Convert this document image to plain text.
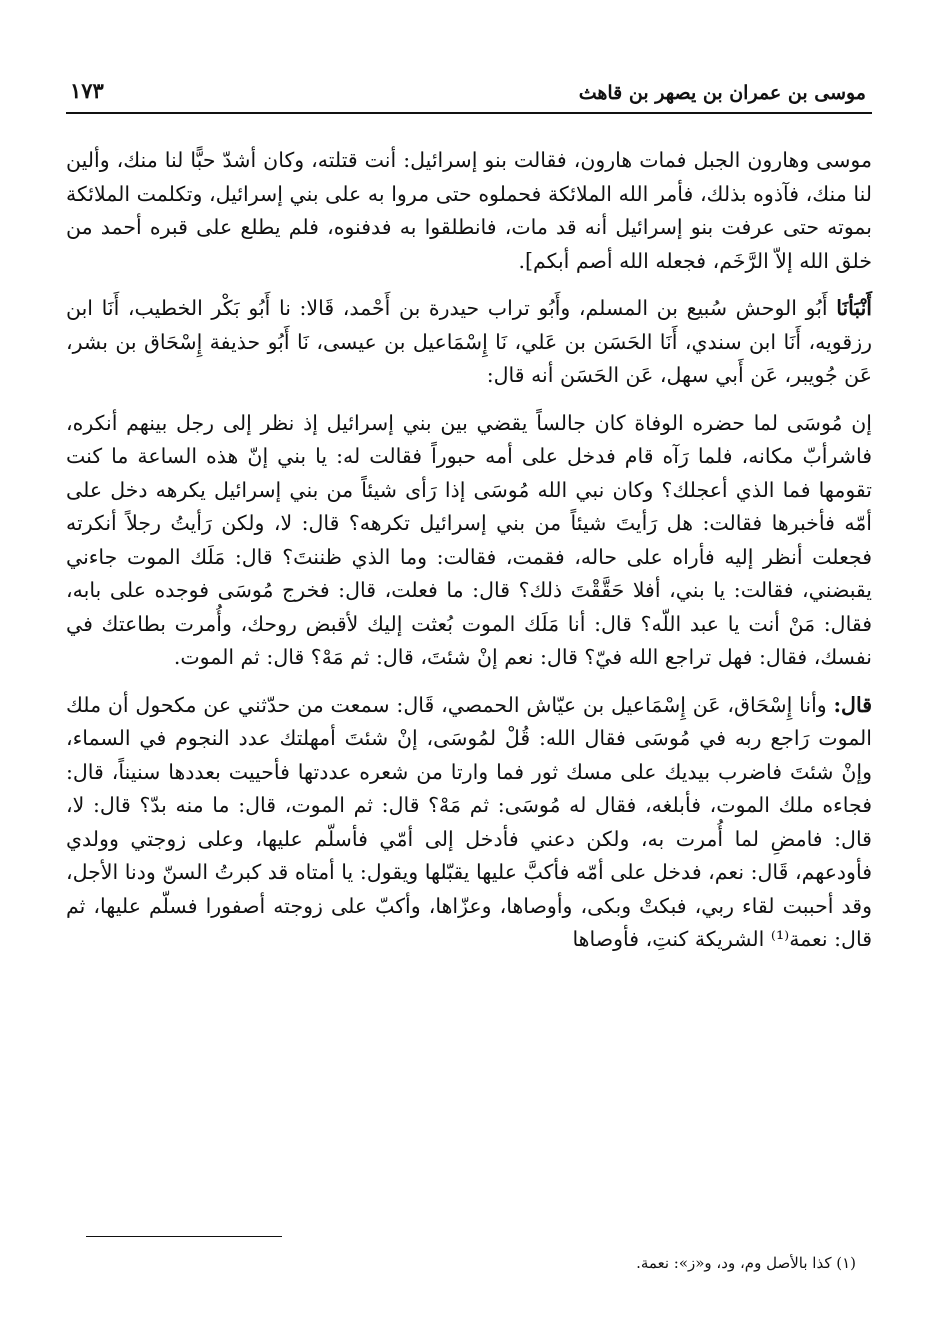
موسى بن عمران بن يصهر بن قاهث
١٧٣

موسى وهارون الجبل فمات هارون، فقالت بنو إسرائيل: أنت قتلته، وكان أشدّ حبًّا لنا منك، وألين لنا منك، فآذوه بذلك، فأمر الله الملائكة فحملوه حتى مروا به على بني إسرائيل، وتكلمت الملائكة بموته حتى عرفت بنو إسرائيل أنه قد مات، فانطلقوا به فدفنوه، فلم يطلع على قبره أحمد من خلق الله إلاّ الرَّخَم، فجعله الله أصم أبكم].

أَنْبَأنَا أَبُو الوحش سُبيع بن المسلم، وأَبُو تراب حيدرة بن أَحْمد، قَالا: نا أَبُو بَكْر الخطيب، أَنَا ابن رزقويه، أَنَا ابن سندي، أَنَا الحَسَن بن عَلي، نَا إِسْمَاعيل بن عيسى، نَا أَبُو حذيفة إِسْحَاق بن بشر، عَن جُويبر، عَن أَبي سهل، عَن الحَسَن أنه قال:

إن مُوسَى لما حضره الوفاة كان جالساً يقضي بين بني إسرائيل إذ نظر إلى رجل بينهم أنكره، فاشرأبّ مكانه، فلما رَآه قام فدخل على أمه حبوراً فقالت له: يا بني إنّ هذه الساعة ما كنت تقومها فما الذي أعجلك؟ وكان نبي الله مُوسَى إذا رَأى شيئاً من بني إسرائيل يكرهه دخل على أمّه فأخبرها فقالت: هل رَأيتَ شيئاً من بني إسرائيل تكرهه؟ قال: لا، ولكن رَأيتُ رجلاً أنكرته فجعلت أنظر إليه فأراه على حاله، فقمت، فقالت: وما الذي ظننتَ؟ قال: مَلَك الموت جاءني يقبضني، فقالت: يا بني، أفلا حَقَّقْتَ ذلك؟ قال: ما فعلت، قال: فخرج مُوسَى فوجده على بابه، فقال: مَنْ أنت يا عبد اللّه؟ قال: أنا مَلَك الموت بُعثت إليك لأقبض روحك، وأُمرت بطاعتك في نفسك، فقال: فهل تراجع الله فيّ؟ قال: نعم إنْ شئتَ، قال: ثم مَهْ؟ قال: ثم الموت.

قال: وأنا إِسْحَاق، عَن إِسْمَاعيل بن عيّاش الحمصي، قَال: سمعت من حدّثني عن مكحول أن ملك الموت رَاجع ربه في مُوسَى فقال الله: قُلْ لمُوسَى، إنْ شئتَ أمهلتك عدد النجوم في السماء، وإنْ شئتَ فاضرب بيديك على مسك ثور فما وارتا من شعره عددتها فأحييت بعددها سنيناً، قال: فجاءه ملك الموت، فأبلغه، فقال له مُوسَى: ثم مَهْ؟ قال: ثم الموت، قال: ما منه بدّ؟ قال: لا، قال: فامضِ لما أُمرت به، ولكن دعني فأدخل إلى أمّي فأسلّم عليها، وعلى زوجتي وولدي فأودعهم، قَال: نعم، فدخل على أمّه فأكبَّ عليها يقبّلها ويقول: يا أمتاه قد كبرتُ السنّ ودنا الأجل، وقد أحببت لقاء ربي، فبكتْ وبكى، وأوصاها، وعزّاها، وأكبّ على زوجته أصفورا فسلّم عليها، ثم قال: نعمة⁽¹⁾ الشريكة كنتِ، فأوصاها

(١) كذا بالأصل وم، ود، و«ز»: نعمة.
